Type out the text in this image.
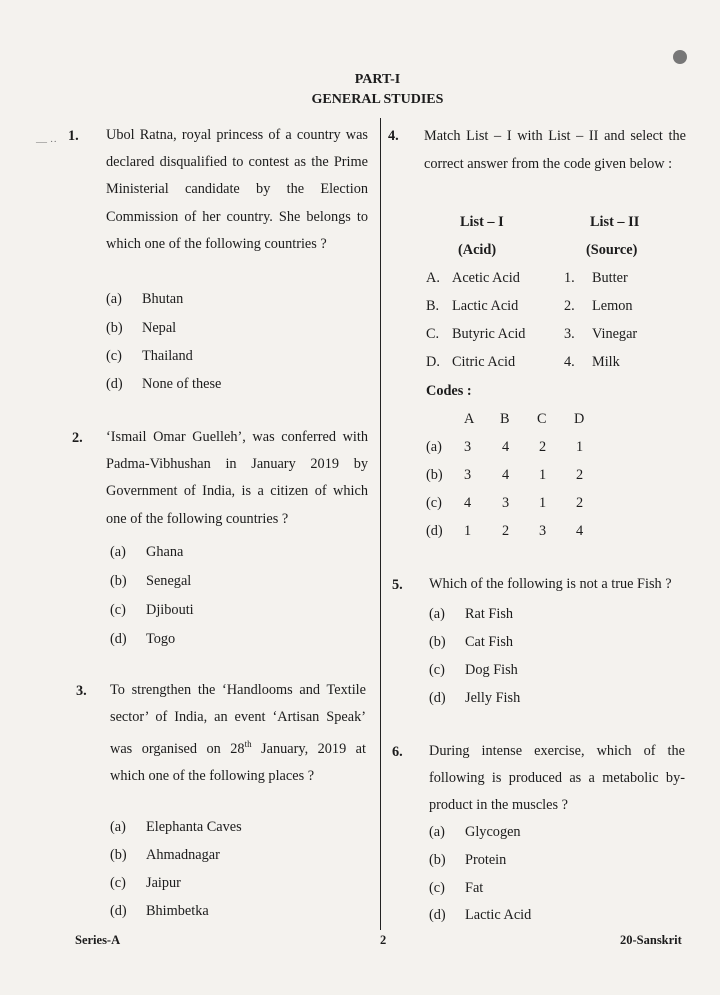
PART-I
GENERAL STUDIES
— ·· 1. Ubol Ratna, royal princess of a country was declared disqualified to contest as the Prime Ministerial candidate by the Election Commission of her country. She belongs to which one of the following countries ?
(a) Bhutan
(b) Nepal
(c) Thailand
(d) None of these
2. ‘Ismail Omar Guelleh’, was conferred with Padma-Vibhushan in January 2019 by Government of India, is a citizen of which one of the following countries ?
(a) Ghana
(b) Senegal
(c) Djibouti
(d) Togo
3. To strengthen the ‘Handlooms and Textile sector’ of India, an event ‘Artisan Speak’ was organised on 28th January, 2019 at which one of the following places ?
(a) Elephanta Caves
(b) Ahmadnagar
(c) Jaipur
(d) Bhimbetka
4. Match List – I with List – II and select the correct answer from the code given below :
List – I
(Acid)
List – II
(Source)
A. Acetic Acid	1. Butter
B. Lactic Acid	2. Lemon
C. Butyric Acid	3. Vinegar
D. Citric Acid	4. Milk
Codes :
A B C D
(a) 3 4 2 1
(b) 3 4 1 2
(c) 4 3 1 2
(d) 1 2 3 4
5. Which of the following is not a true Fish ?
(a) Rat Fish
(b) Cat Fish
(c) Dog Fish
(d) Jelly Fish
6. During intense exercise, which of the following is produced as a metabolic by-product in the muscles ?
(a) Glycogen
(b) Protein
(c) Fat
(d) Lactic Acid
Series-A	2	20-Sanskrit
